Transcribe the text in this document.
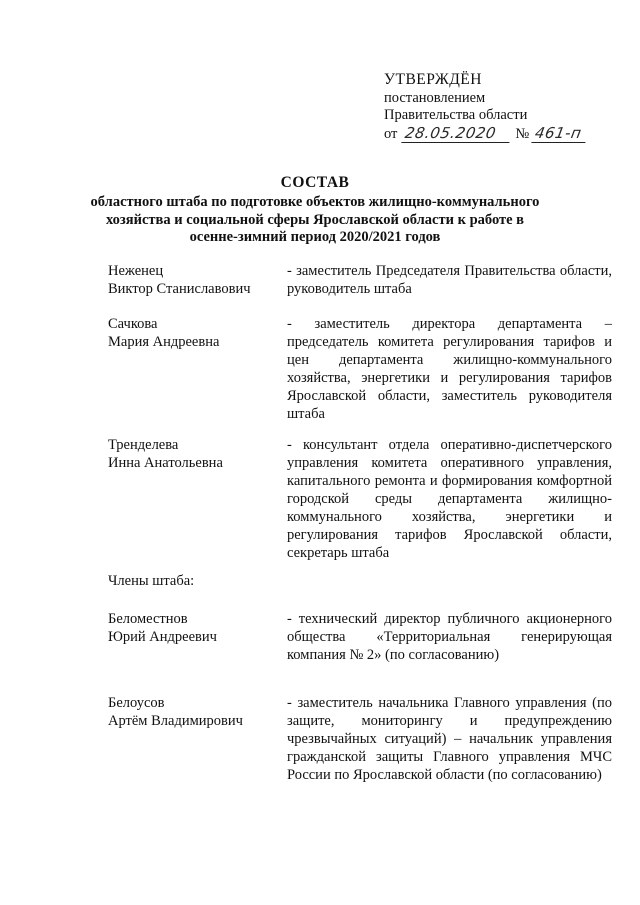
УТВЕРЖДЁН
постановлением
Правительства области
от 28.05.2020	№ 461-п
СОСТАВ
областного штаба по подготовке объектов жилищно-коммунального хозяйства и социальной сферы Ярославской области к работе в осенне-зимний период 2020/2021 годов
Неженец
Виктор Станиславович
- заместитель Председателя Правительства области, руководитель штаба
Сачкова
Мария Андреевна
- заместитель директора департамента – председатель комитета регулирования тарифов и цен департамента жилищно-коммунального хозяйства, энергетики и регулирования тарифов Ярославской области, заместитель руководителя штаба
Тренделева
Инна Анатольевна
- консультант отдела оперативно-диспетчерского управления комитета оперативного управления, капитального ремонта и формирования комфортной городской среды департамента жилищно-коммунального хозяйства, энергетики и регулирования тарифов Ярославской области, секретарь штаба
Члены штаба:
Беломестнов
Юрий Андреевич
- технический директор публичного акционерного общества «Территориальная генерирующая компания № 2» (по согласованию)
Белоусов
Артём Владимирович
- заместитель начальника Главного управления (по защите, мониторингу и предупреждению чрезвычайных ситуаций) – начальник управления гражданской защиты Главного управления МЧС России по Ярославской области (по согласованию)
